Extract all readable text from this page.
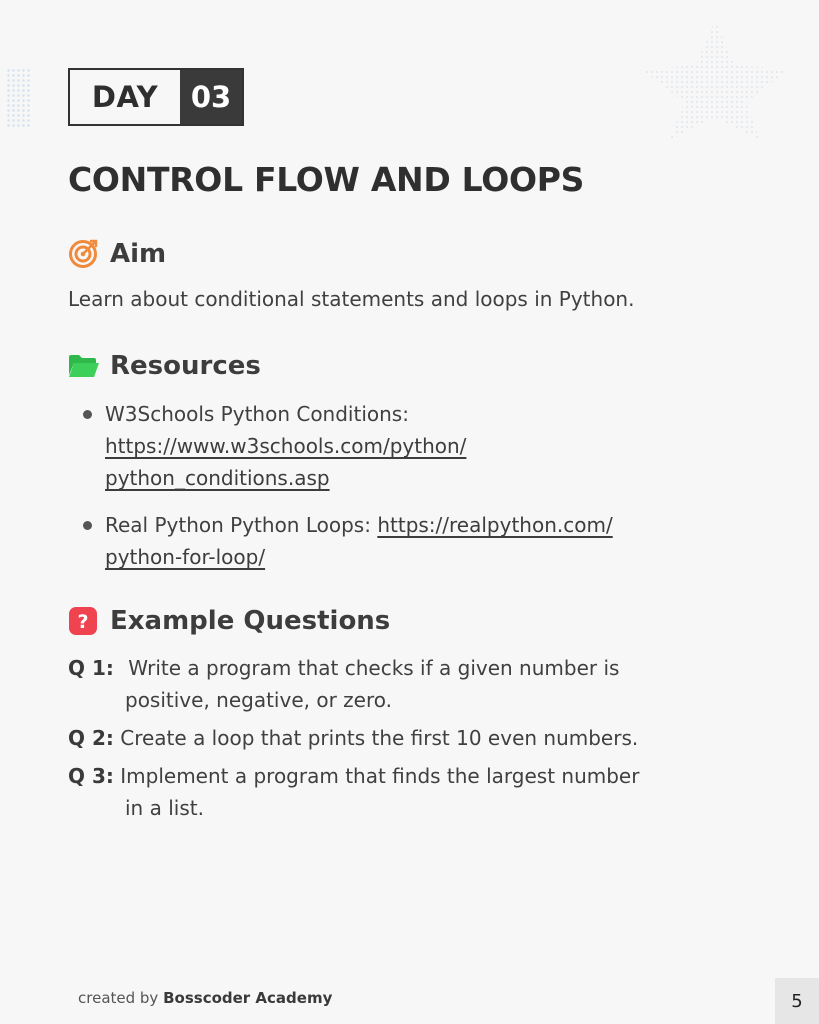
DAY	03
CONTROL FLOW AND LOOPS
Aim
Learn about conditional statements and loops in Python.
Resources
W3Schools Python Conditions:
https://www.w3schools.com/python/
python_conditions.asp
Real Python Python Loops: https://realpython.com/
python-for-loop/
? Example Questions
Q 1: Write a program that checks if a given number is
positive, negative, or zero.
Q 2: Create a loop that prints the first 10 even numbers.
Q 3: Implement a program that finds the largest number
in a list.
created by Bosscoder Academy	5
